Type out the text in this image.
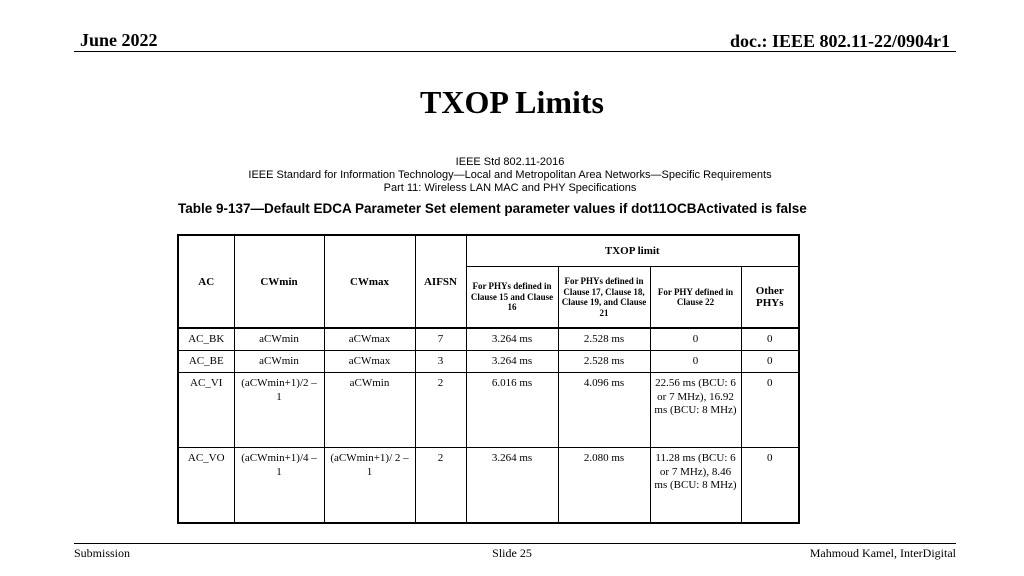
June 2022	doc.: IEEE 802.11-22/0904r1
TXOP Limits
IEEE Std 802.11-2016
IEEE Standard for Information Technology—Local and Metropolitan Area Networks—Specific Requirements
Part 11: Wireless LAN MAC and PHY Specifications
Table 9-137—Default EDCA Parameter Set element parameter values if dot11OCBActivated is false
AC	CWmin	CWmax	AIFSN	TXOP limit			
				For PHYs defined in Clause 15 and Clause 16	For PHYs defined in Clause 17, Clause 18, Clause 19, and Clause 21	For PHY defined in Clause 22	Other PHYs
AC_BK	aCWmin	aCWmax	7	3.264 ms	2.528 ms	0	0
AC_BE	aCWmin	aCWmax	3	3.264 ms	2.528 ms	0	0
AC_VI	(aCWmin+1)/2 – 1	aCWmin	2	6.016 ms	4.096 ms	22.56 ms (BCU: 6 or 7 MHz), 16.92 ms (BCU: 8 MHz)	0
AC_VO	(aCWmin+1)/4 – 1	(aCWmin+1)/ 2 – 1	2	3.264 ms	2.080 ms	11.28 ms (BCU: 6 or 7 MHz), 8.46 ms (BCU: 8 MHz)	0
Submission	Slide 25	Mahmoud Kamel, InterDigital
